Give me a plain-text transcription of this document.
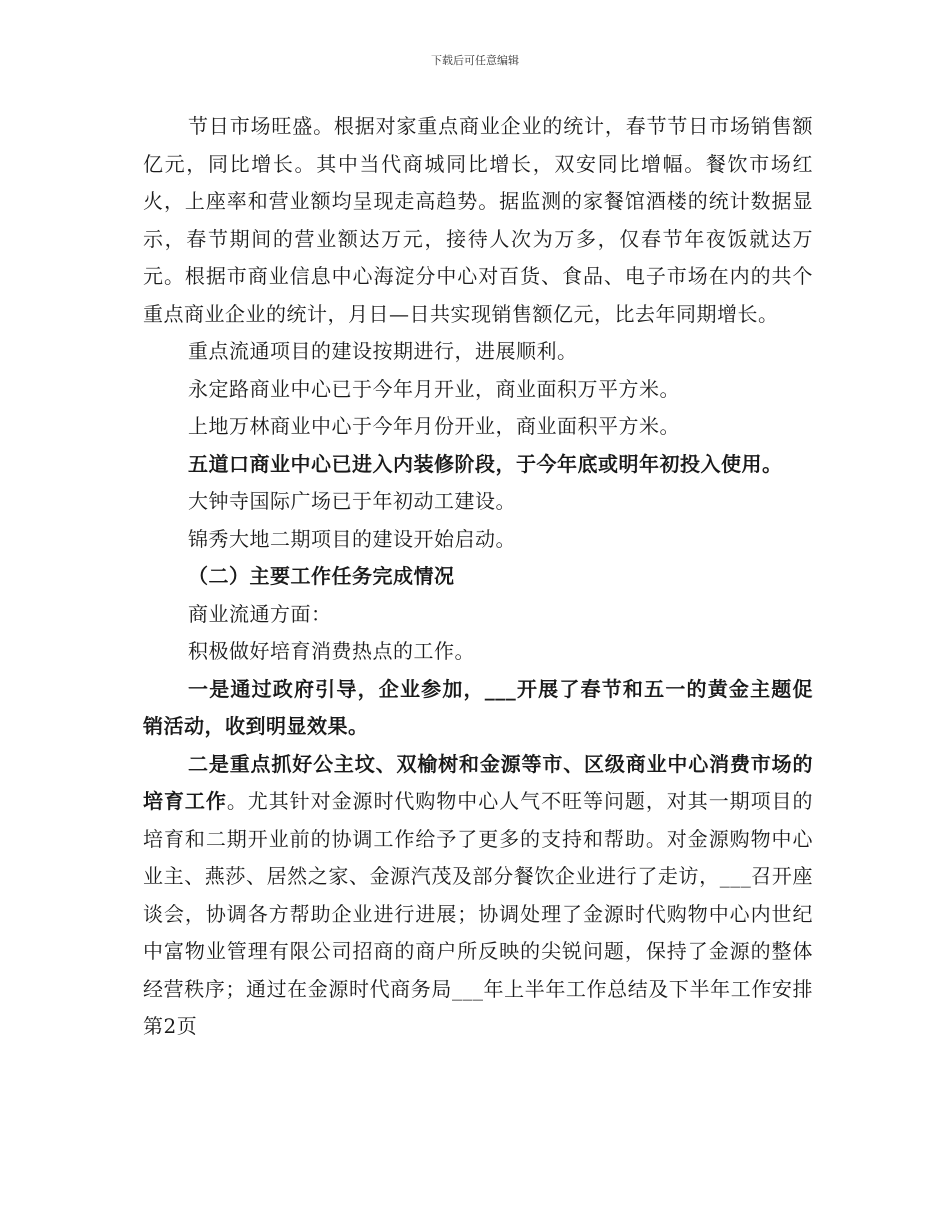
下载后可任意编辑

节日市场旺盛。根据对家重点商业企业的统计，春节节日市场销售额亿元，同比增长。其中当代商城同比增长，双安同比增幅。餐饮市场红火，上座率和营业额均呈现走高趋势。据监测的家餐馆酒楼的统计数据显示，春节期间的营业额达万元，接待人次为万多，仅春节年夜饭就达万元。根据市商业信息中心海淀分中心对百货、食品、电子市场在内的共个重点商业企业的统计，月日—日共实现销售额亿元，比去年同期增长。

重点流通项目的建设按期进行，进展顺利。

永定路商业中心已于今年月开业，商业面积万平方米。

上地万林商业中心于今年月份开业，商业面积平方米。

五道口商业中心已进入内装修阶段，于今年底或明年初投入使用。

大钟寺国际广场已于年初动工建设。

锦秀大地二期项目的建设开始启动。

（二）主要工作任务完成情况

商业流通方面：

积极做好培育消费热点的工作。

一是通过政府引导，企业参加，___开展了春节和五一的黄金主题促销活动，收到明显效果。

二是重点抓好公主坟、双榆树和金源等市、区级商业中心消费市场的培育工作。尤其针对金源时代购物中心人气不旺等问题，对其一期项目的培育和二期开业前的协调工作给予了更多的支持和帮助。对金源购物中心业主、燕莎、居然之家、金源汽茂及部分餐饮企业进行了走访，___召开座谈会，协调各方帮助企业进行进展；协调处理了金源时代购物中心内世纪中富物业管理有限公司招商的商户所反映的尖锐问题，保持了金源的整体经营秩序；通过在金源时代商务局___年上半年工作总结及下半年工作安排第2页
